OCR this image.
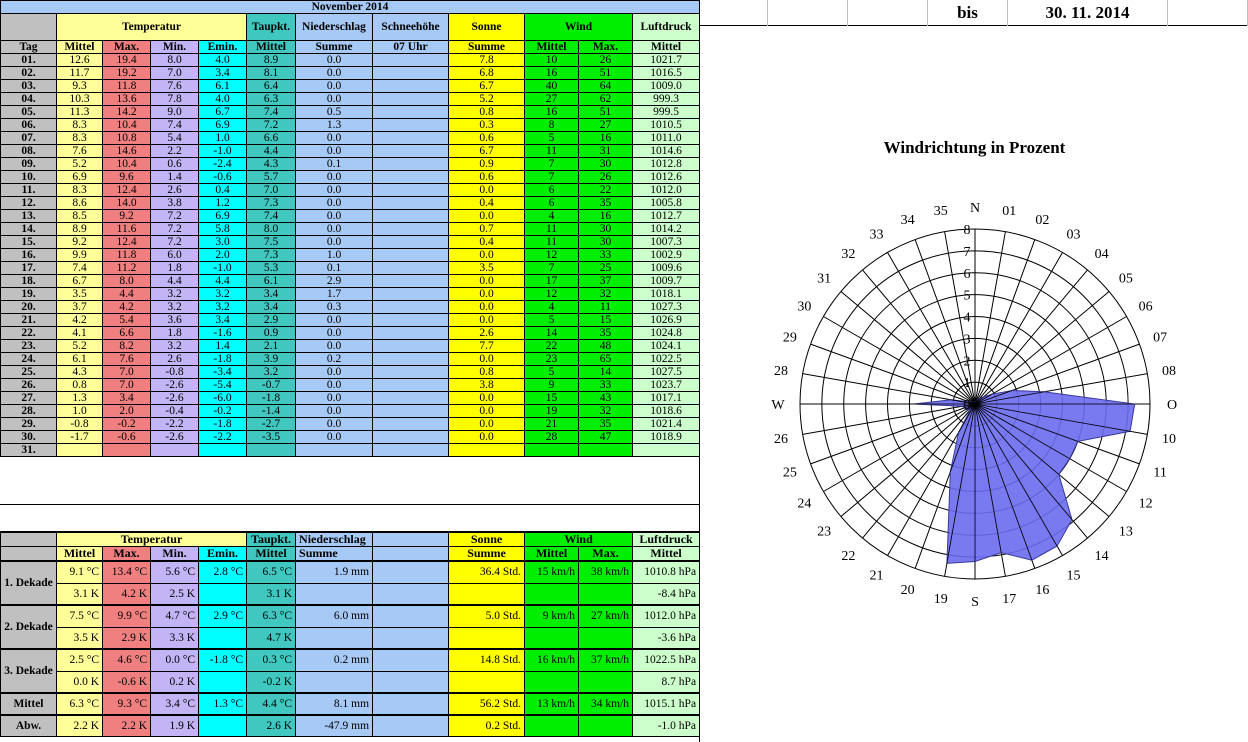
November 2014											
	Temperatur				Taupkt.	Niederschlag	Schneehöhe	Sonne	Wind		Luftdruck
Tag	Mittel	Max.	Min.	Emin.	Mittel	Summe	07 Uhr	Summe	Mittel	Max.	Mittel
01.	12.6	19.4	8.0	4.0	8.9	0.0		7.8	10	26	1021.7
02.	11.7	19.2	7.0	3.4	8.1	0.0		6.8	16	51	1016.5
03.	9.3	11.8	7.6	6.1	6.4	0.0		6.7	40	64	1009.0
04.	10.3	13.6	7.8	4.0	6.3	0.0		5.2	27	62	999.3
05.	11.3	14.2	9.0	6.7	7.4	0.5		0.8	16	51	999.5
06.	8.3	10.4	7.4	6.9	7.2	1.3		0.3	8	27	1010.5
07.	8.3	10.8	5.4	1.0	6.6	0.0		0.6	5	16	1011.0
08.	7.6	14.6	2.2	-1.0	4.4	0.0		6.7	11	31	1014.6
09.	5.2	10.4	0.6	-2.4	4.3	0.1		0.9	7	30	1012.8
10.	6.9	9.6	1.4	-0.6	5.7	0.0		0.6	7	26	1012.6
11.	8.3	12.4	2.6	0.4	7.0	0.0		0.0	6	22	1012.0
12.	8.6	14.0	3.8	1.2	7.3	0.0		0.4	6	35	1005.8
13.	8.5	9.2	7.2	6.9	7.4	0.0		0.0	4	16	1012.7
14.	8.9	11.6	7.2	5.8	8.0	0.0		0.7	11	30	1014.2
15.	9.2	12.4	7.2	3.0	7.5	0.0		0.4	11	30	1007.3
16.	9.9	11.8	6.0	2.0	7.3	1.0		0.0	12	33	1002.9
17.	7.4	11.2	1.8	-1.0	5.3	0.1		3.5	7	25	1009.6
18.	6.7	8.0	4.4	4.4	6.1	2.9		0.0	17	37	1009.7
19.	3.5	4.4	3.2	3.2	3.4	1.7		0.0	12	32	1018.1
20.	3.7	4.2	3.2	3.2	3.4	0.3		0.0	4	11	1027.3
21.	4.2	5.4	3.6	3.4	2.9	0.0		0.0	5	15	1026.9
22.	4.1	6.6	1.8	-1.6	0.9	0.0		2.6	14	35	1024.8
23.	5.2	8.2	3.2	1.4	2.1	0.0		7.7	22	48	1024.1
24.	6.1	7.6	2.6	-1.8	3.9	0.2		0.0	23	65	1022.5
25.	4.3	7.0	-0.8	-3.4	3.2	0.0		0.8	5	14	1027.5
26.	0.8	7.0	-2.6	-5.4	-0.7	0.0		3.8	9	33	1023.7
27.	1.3	3.4	-2.6	-6.0	-1.8	0.0		0.0	15	43	1017.1
28.	1.0	2.0	-0.4	-0.2	-1.4	0.0		0.0	19	32	1018.6
29.	-0.8	-0.2	-2.2	-1.8	-2.7	0.0		0.0	21	35	1021.4
30.	-1.7	-0.6	-2.6	-2.2	-3.5	0.0		0.0	28	47	1018.9
31.											
	Temperatur				Taupkt.	Niederschlag		Sonne	Wind		Luftdruck
	Mittel	Max.	Min.	Emin.	Mittel	Summe		Summe	Mittel	Max.	Mittel
1. Dekade	9.1 °C	13.4 °C	5.6 °C	2.8 °C	6.5 °C	1.9 mm		36.4 Std.	15 km/h	38 km/h	1010.8 hPa
	3.1 K	4.2 K	2.5 K		3.1 K						-8.4 hPa
2. Dekade	7.5 °C	9.9 °C	4.7 °C	2.9 °C	6.3 °C	6.0 mm		5.0 Std.	9 km/h	27 km/h	1012.0 hPa
	3.5 K	2.9 K	3.3 K		4.7 K						-3.6 hPa
3. Dekade	2.5 °C	4.6 °C	0.0 °C	-1.8 °C	0.3 °C	0.2 mm		14.8 Std.	16 km/h	37 km/h	1022.5 hPa
	0.0 K	-0.6 K	0.2 K		-0.2 K						8.7 hPa
Mittel	6.3 °C	9.3 °C	3.4 °C	1.3 °C	4.4 °C	8.1 mm		56.2 Std.	13 km/h	34 km/h	1015.1 hPa
Abw.	2.2 K	2.2 K	1.9 K		2.6 K	-47.9 mm		0.2 Std.			-1.0 hPa
bis	30. 11. 2014
Windrichtung in Prozent
0
1
2
3
4
5
6
7
8
N 01
02
03
04
05
06
07
08
O
10
11
12
13
14
15
16
17
S
19
20
21
22
23
24
25
26
W
28
29
30
31
32
33
34
35
